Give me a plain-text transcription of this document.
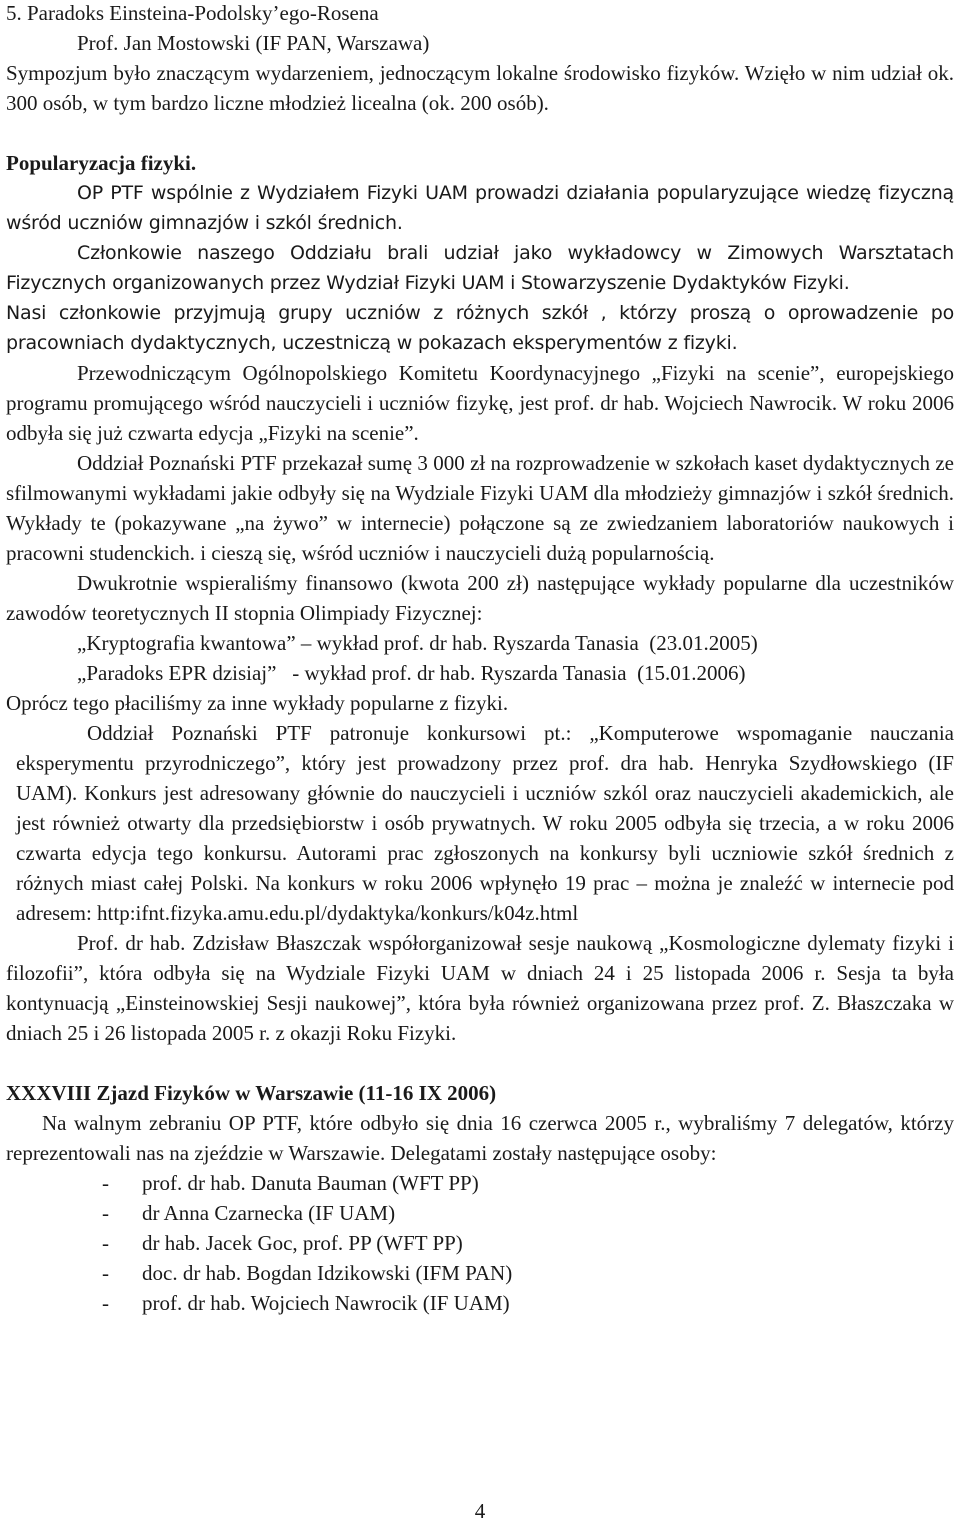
5. Paradoks Einsteina-Podolsky’ego-Rosena

Prof. Jan Mostowski (IF PAN, Warszawa)

Sympozjum było znaczącym wydarzeniem, jednoczącym lokalne środowisko fizyków. Wzięło w nim udział ok. 300 osób, w tym bardzo liczne młodzież licealna (ok. 200 osób).

Popularyzacja fizyki.

OP PTF wspólnie z Wydziałem Fizyki UAM prowadzi działania popularyzujące wiedzę fizyczną wśród uczniów gimnazjów i szkól średnich.

Członkowie naszego Oddziału brali udział jako wykładowcy w Zimowych Warsztatach Fizycznych organizowanych przez Wydział Fizyki UAM i Stowarzyszenie Dydaktyków Fizyki.

Nasi członkowie przyjmują grupy uczniów z różnych szkół , którzy proszą o oprowadzenie po pracowniach dydaktycznych, uczestniczą w pokazach eksperymentów z fizyki.

Przewodniczącym Ogólnopolskiego Komitetu Koordynacyjnego „Fizyki na scenie”, europejskiego programu promującego wśród nauczycieli i uczniów fizykę, jest prof. dr hab. Wojciech Nawrocik. W roku 2006 odbyła się już czwarta edycja „Fizyki na scenie”.

Oddział Poznański PTF przekazał sumę 3 000 zł na rozprowadzenie w szkołach kaset dydaktycznych ze sfilmowanymi wykładami jakie odbyły się na Wydziale Fizyki UAM dla młodzieży gimnazjów i szkół średnich. Wykłady te (pokazywane „na żywo” w internecie) połączone są ze zwiedzaniem laboratoriów naukowych i pracowni studenckich. i cieszą się, wśród uczniów i nauczycieli dużą popularnością.

Dwukrotnie wspieraliśmy finansowo (kwota 200 zł) następujące wykłady popularne dla uczestników zawodów teoretycznych II stopnia Olimpiady Fizycznej:

„Kryptografia kwantowa” – wykład prof. dr hab. Ryszarda Tanasia  (23.01.2005)

„Paradoks EPR dzisiaj”   - wykład prof. dr hab. Ryszarda Tanasia  (15.01.2006)

Oprócz tego płaciliśmy za inne wykłady popularne z fizyki.

Oddział Poznański PTF patronuje konkursowi pt.: „Komputerowe wspomaganie nauczania eksperymentu przyrodniczego”, który jest prowadzony przez prof. dra hab. Henryka Szydłowskiego (IF UAM). Konkurs jest adresowany głównie do nauczycieli i uczniów szkól oraz nauczycieli akademickich, ale jest również otwarty dla przedsiębiorstw i osób prywatnych. W roku 2005 odbyła się trzecia, a w roku 2006 czwarta edycja tego konkursu. Autorami prac zgłoszonych na konkursy byli uczniowie szkół średnich z różnych miast całej Polski. Na konkurs w roku 2006 wpłynęło 19 prac – można je znaleźć w internecie pod adresem: http:ifnt.fizyka.amu.edu.pl/dydaktyka/konkurs/k04z.html

Prof. dr hab. Zdzisław Błaszczak współorganizował sesje naukową „Kosmologiczne dylematy fizyki i filozofii”, która odbyła się na Wydziale Fizyki UAM w dniach 24 i 25 listopada 2006 r. Sesja ta była kontynuacją „Einsteinowskiej Sesji naukowej”, która była również organizowana przez prof. Z. Błaszczaka w dniach 25 i 26 listopada 2005 r. z okazji Roku Fizyki.

XXXVIII Zjazd Fizyków w Warszawie (11-16 IX 2006)

Na walnym zebraniu OP PTF, które odbyło się dnia 16 czerwca 2005 r., wybraliśmy 7 delegatów, którzy reprezentowali nas na zjeździe w Warszawie. Delegatami zostały następujące osoby:

-	prof. dr hab. Danuta Bauman (WFT PP)
-	dr Anna Czarnecka (IF UAM)
-	dr hab. Jacek Goc, prof. PP (WFT PP)
-	doc. dr hab. Bogdan Idzikowski (IFM PAN)
-	prof. dr hab. Wojciech Nawrocik (IF UAM)
4
